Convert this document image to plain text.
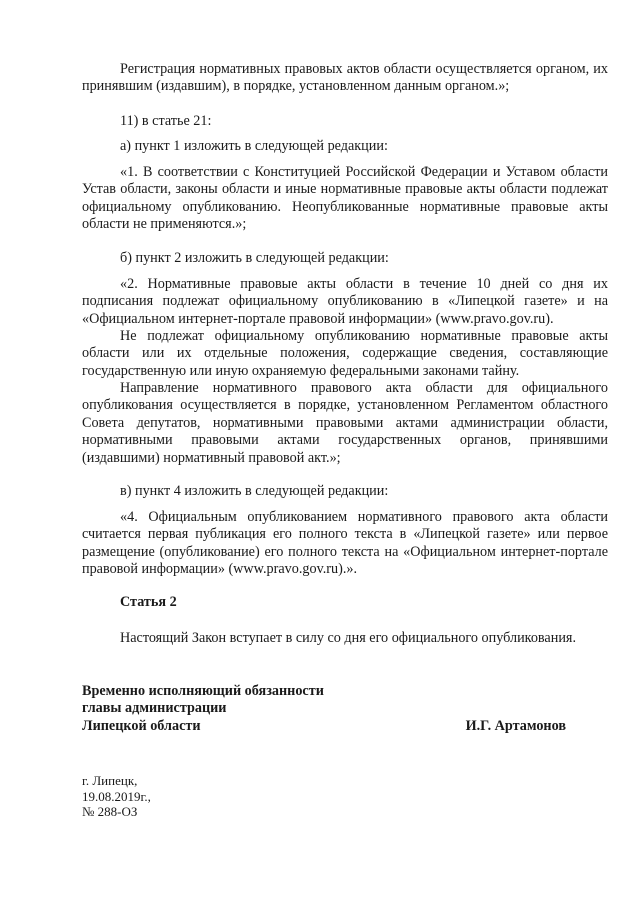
Регистрация нормативных правовых актов области осуществляется органом, их принявшим (издавшим), в порядке, установленном данным органом.»;

11) в статье 21:

а) пункт 1 изложить в следующей редакции:

«1. В соответствии с Конституцией Российской Федерации и Уставом области Устав области, законы области и иные нормативные правовые акты области подлежат официальному опубликованию. Неопубликованные нормативные правовые акты области не применяются.»;

б) пункт 2 изложить в следующей редакции:

«2. Нормативные правовые акты области в течение 10 дней со дня их подписания подлежат официальному опубликованию в «Липецкой газете» и на «Официальном интернет-портале правовой информации» (www.pravo.gov.ru).

Не подлежат официальному опубликованию нормативные правовые акты области или их отдельные положения, содержащие сведения, составляющие государственную или иную охраняемую федеральными законами тайну.

Направление нормативного правового акта области для официального опубликования осуществляется в порядке, установленном Регламентом областного Совета депутатов, нормативными правовыми актами администрации области, нормативными правовыми актами государственных органов, принявшими (издавшими) нормативный правовой акт.»;

в) пункт 4 изложить в следующей редакции:

«4. Официальным опубликованием нормативного правового акта области считается первая публикация его полного текста в «Липецкой газете» или первое размещение (опубликование) его полного текста на «Официальном интернет-портале правовой информации» (www.pravo.gov.ru).».

Статья 2

Настоящий Закон вступает в силу со дня его официального опубликования.

Временно исполняющий обязанности
главы администрации
Липецкой области	И.Г. Артамонов
г. Липецк,
19.08.2019г.,
№ 288-ОЗ
